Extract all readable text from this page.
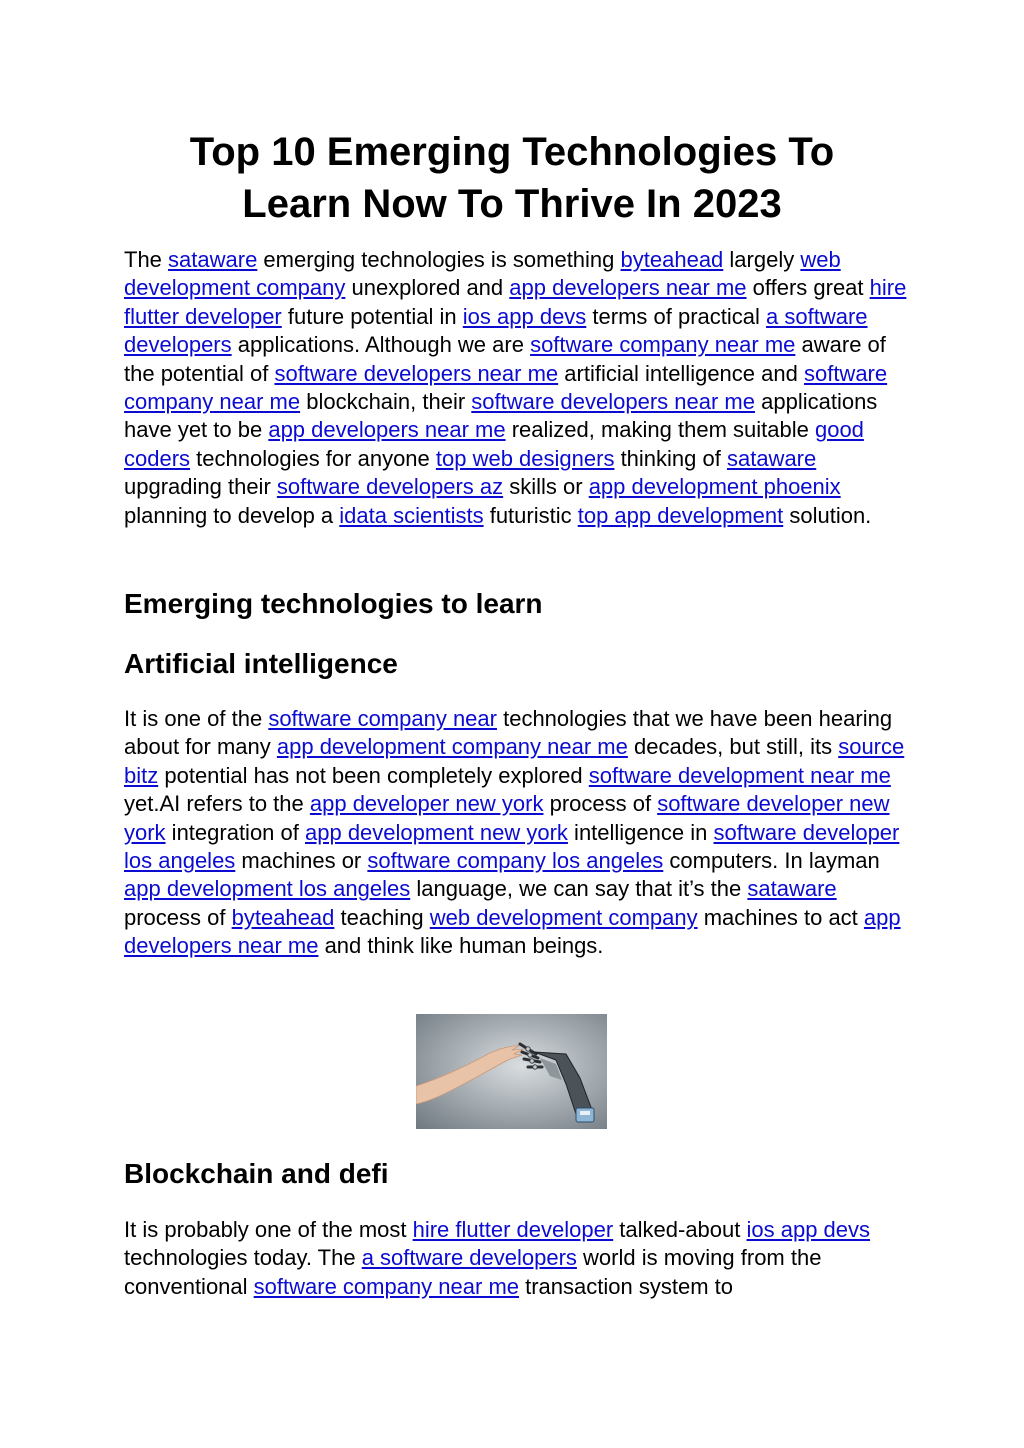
Top 10 Emerging Technologies To
Learn Now To Thrive In 2023

The sataware emerging technologies is something byteahead largely web development company unexplored and app developers near me offers great hire flutter developer future potential in ios app devs terms of practical a software developers applications. Although we are software company near me aware of the potential of software developers near me artificial intelligence and software company near me blockchain, their software developers near me applications have yet to be app developers near me realized, making them suitable good coders technologies for anyone top web designers thinking of sataware upgrading their software developers az skills or app development phoenix planning to develop a idata scientists futuristic top app development solution.

Emerging technologies to learn
Artificial intelligence

It is one of the software company near technologies that we have been hearing about for many app development company near me decades, but still, its source bitz potential has not been completely explored software development near me yet.AI refers to the app developer new york process of software developer new york integration of app development new york intelligence in software developer los angeles machines or software company los angeles computers. In layman app development los angeles language, we can say that it’s the sataware process of byteahead teaching web development company machines to act app developers near me and think like human beings.

Blockchain and defi

It is probably one of the most hire flutter developer talked-about ios app devs technologies today. The a software developers world is moving from the conventional software company near me transaction system to
